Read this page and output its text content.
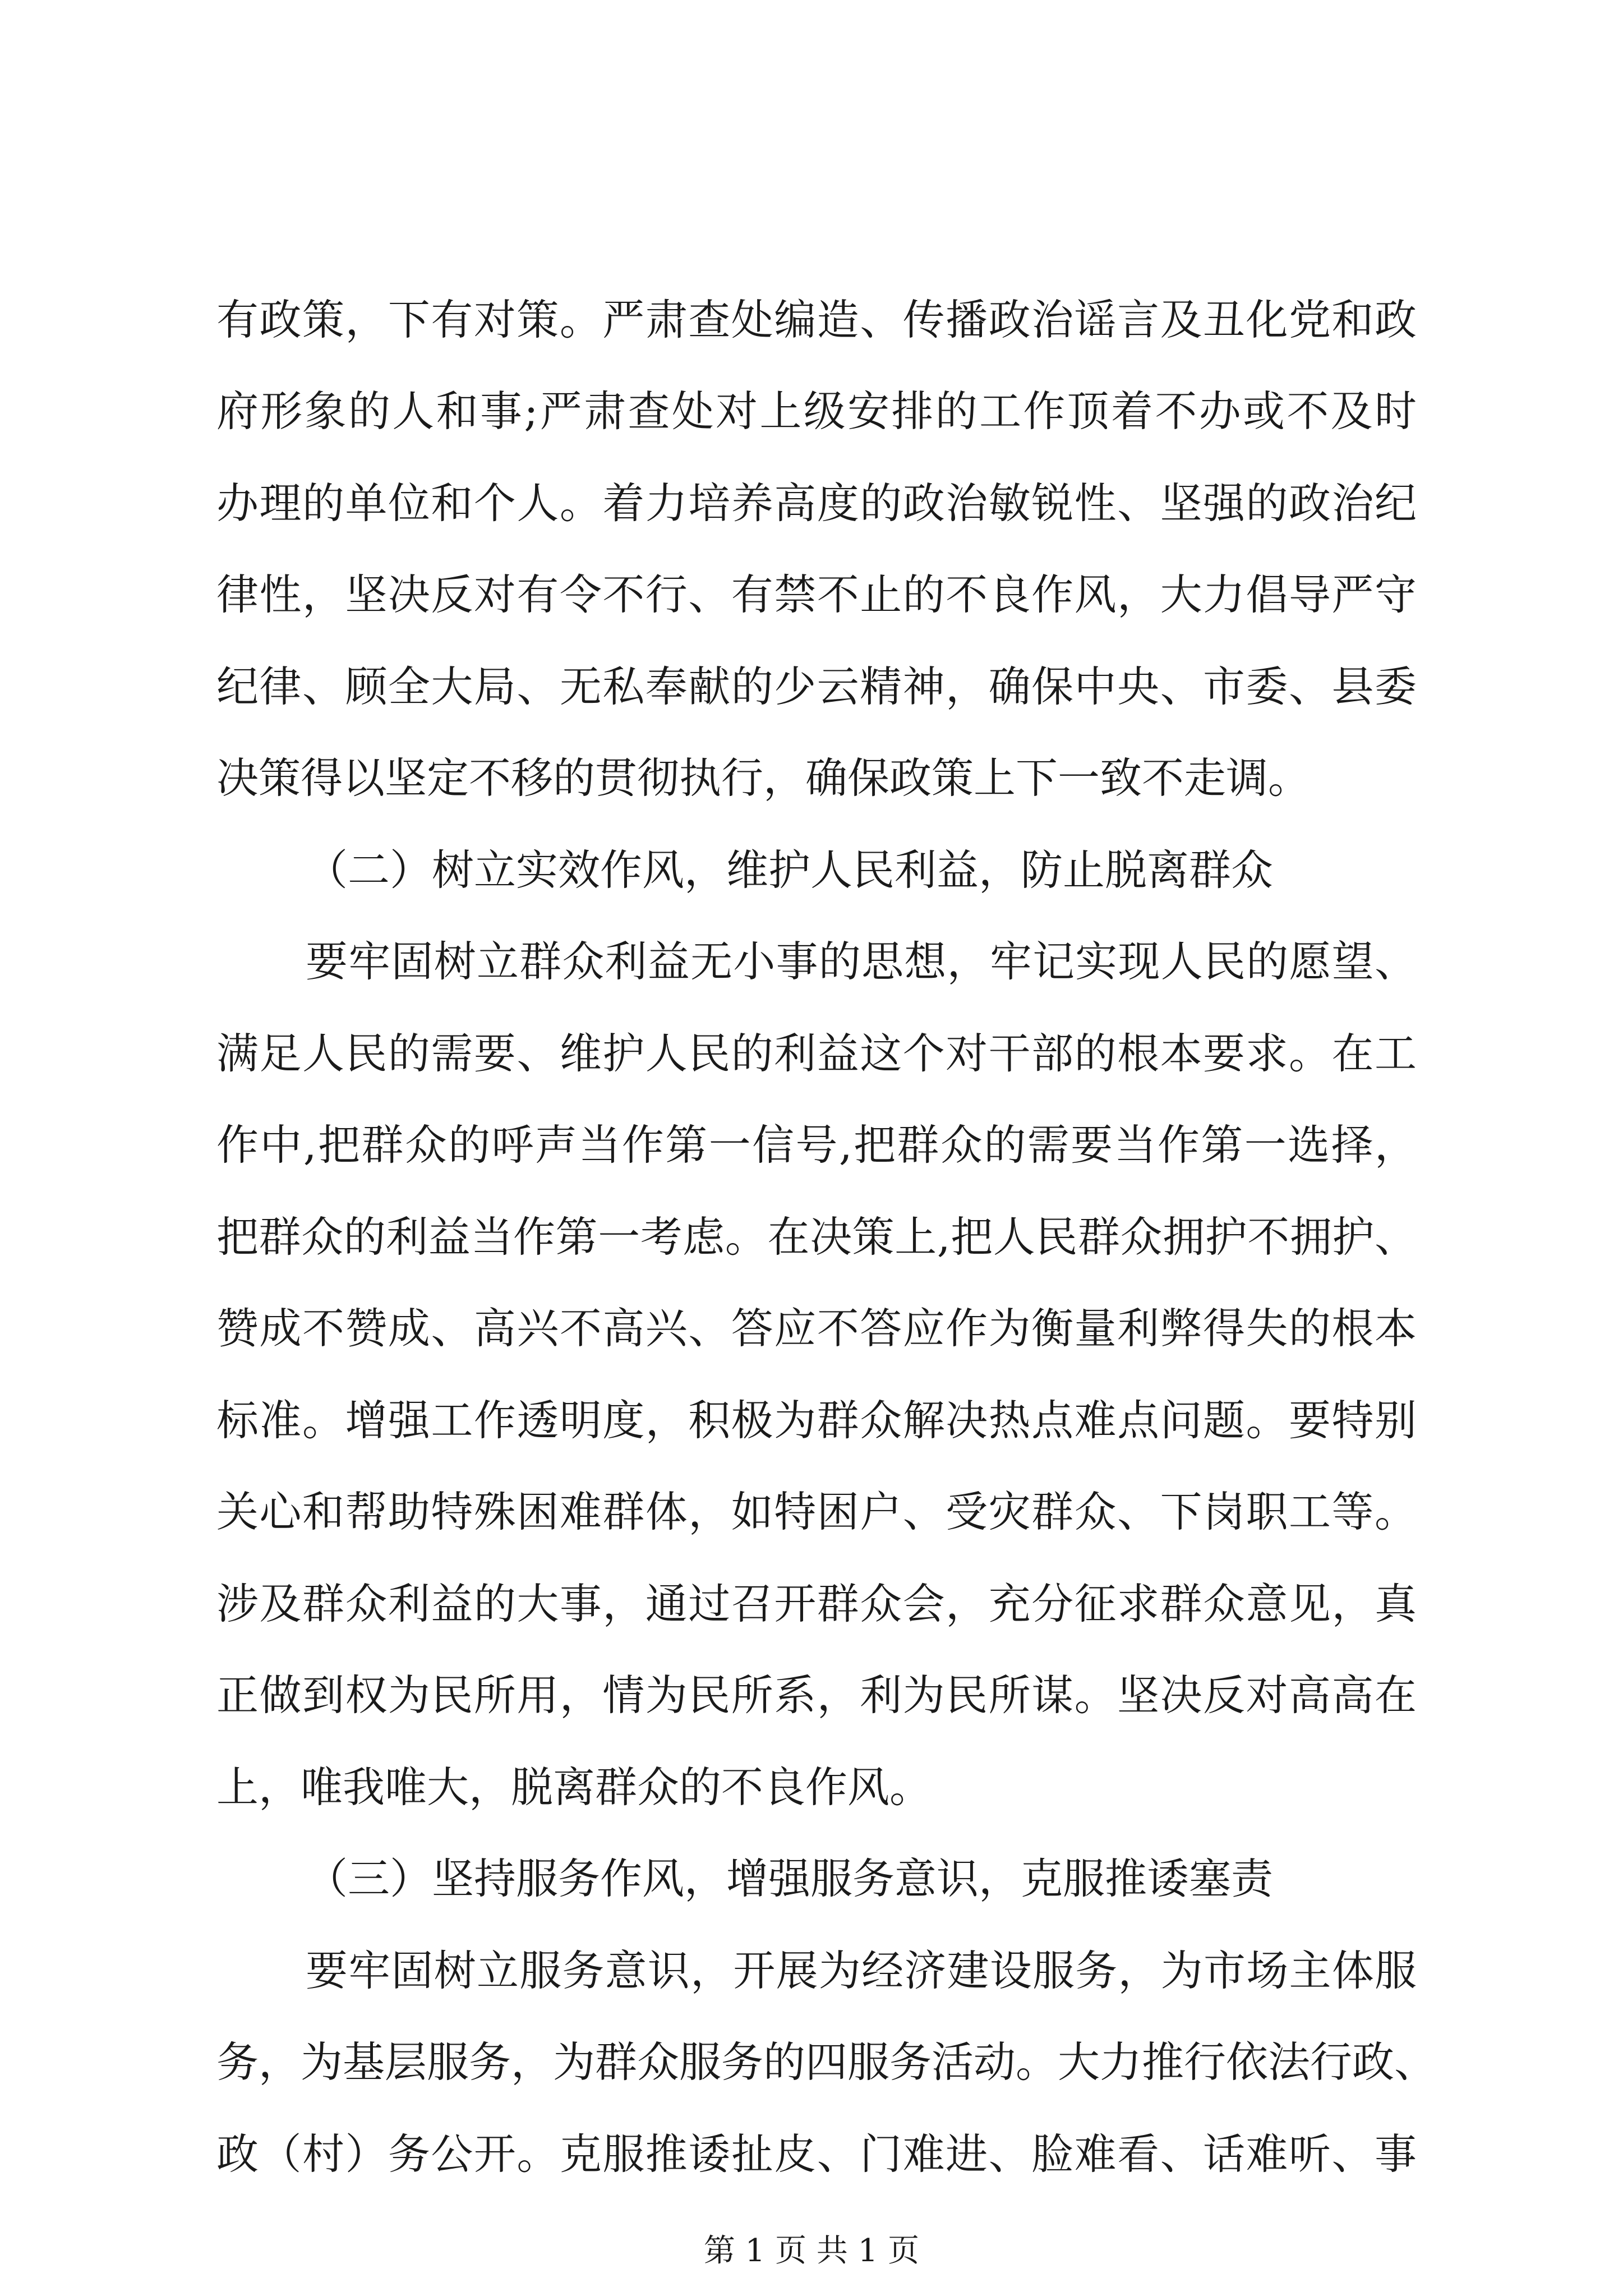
有政策，下有对策。严肃查处编造、传播政治谣言及丑化党和政
府形象的人和事;严肃查处对上级安排的工作顶着不办或不及时
办理的单位和个人。着力培养高度的政治敏锐性、坚强的政治纪
律性，坚决反对有令不行、有禁不止的不良作风，大力倡导严守
纪律、顾全大局、无私奉献的少云精神，确保中央、市委、县委
决策得以坚定不移的贯彻执行，确保政策上下一致不走调。
（二）树立实效作风，维护人民利益，防止脱离群众
要牢固树立群众利益无小事的思想，牢记实现人民的愿望、
满足人民的需要、维护人民的利益这个对干部的根本要求。在工
作中,把群众的呼声当作第一信号,把群众的需要当作第一选择，
把群众的利益当作第一考虑。在决策上,把人民群众拥护不拥护、
赞成不赞成、高兴不高兴、答应不答应作为衡量利弊得失的根本
标准。增强工作透明度，积极为群众解决热点难点问题。要特别
关心和帮助特殊困难群体，如特困户、受灾群众、下岗职工等。
涉及群众利益的大事，通过召开群众会，充分征求群众意见，真
正做到权为民所用，情为民所系，利为民所谋。坚决反对高高在
上，唯我唯大，脱离群众的不良作风。
（三）坚持服务作风，增强服务意识，克服推诿塞责
要牢固树立服务意识，开展为经济建设服务，为市场主体服
务，为基层服务，为群众服务的四服务活动。大力推行依法行政、
政（村）务公开。克服推诿扯皮、门难进、脸难看、话难听、事
第 1 页 共 1 页
